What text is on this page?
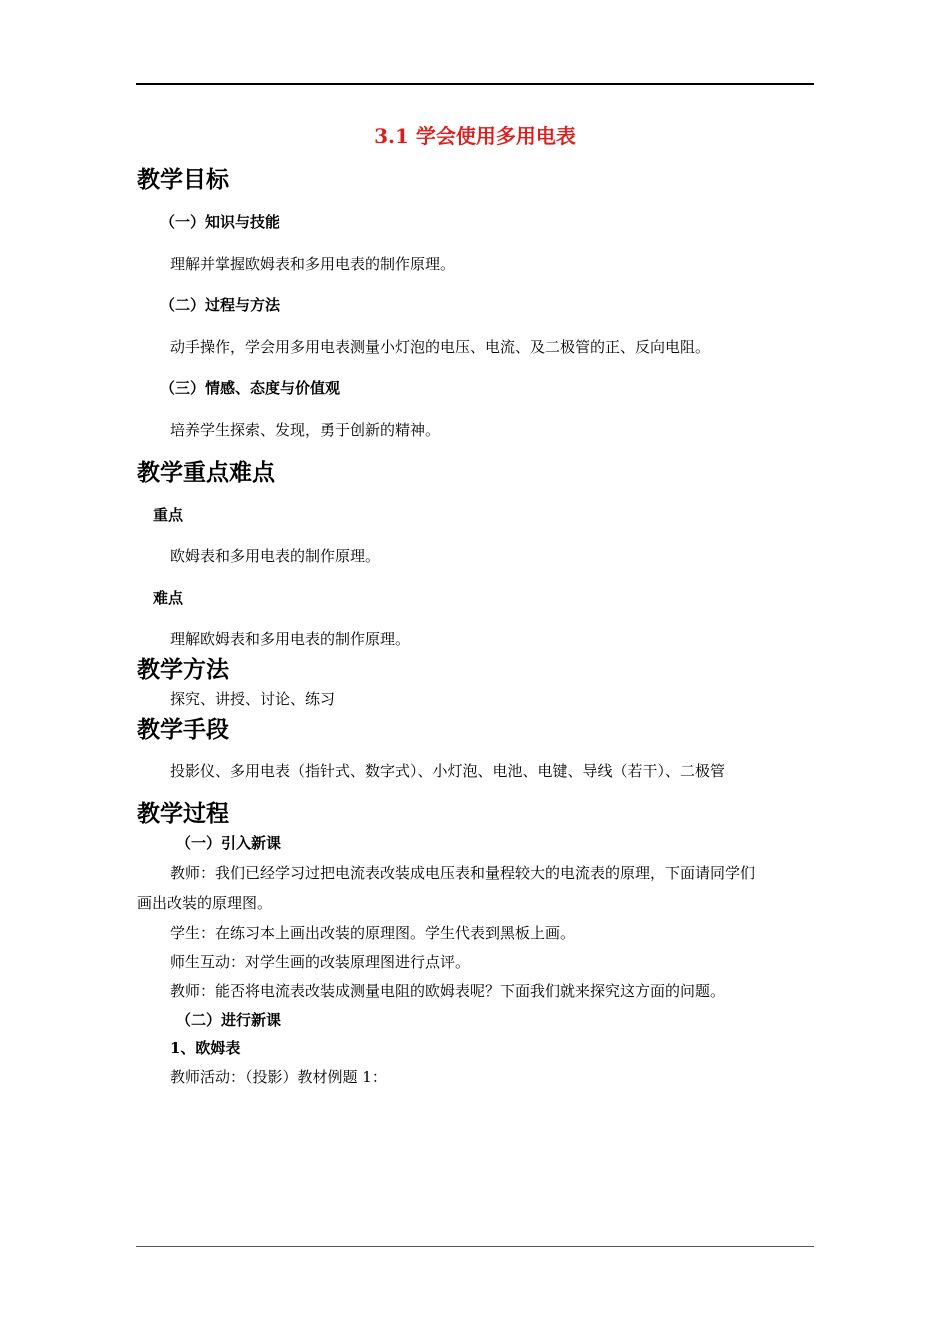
3.1 学会使用多用电表
教学目标
（一）知识与技能
理解并掌握欧姆表和多用电表的制作原理。
（二）过程与方法
动手操作，学会用多用电表测量小灯泡的电压、电流、及二极管的正、反向电阻。
（三）情感、态度与价值观
培养学生探索、发现，勇于创新的精神。
教学重点难点
重点
欧姆表和多用电表的制作原理。
难点
理解欧姆表和多用电表的制作原理。
教学方法
探究、讲授、讨论、练习
教学手段
投影仪、多用电表（指针式、数字式）、小灯泡、电池、电键、导线（若干）、二极管
教学过程
（一）引入新课
教师：我们已经学习过把电流表改装成电压表和量程较大的电流表的原理，下面请同学们
画出改装的原理图。
学生：在练习本上画出改装的原理图。学生代表到黑板上画。
师生互动：对学生画的改装原理图进行点评。
教师：能否将电流表改装成测量电阻的欧姆表呢？下面我们就来探究这方面的问题。
（二）进行新课
1、欧姆表
教师活动：（投影）教材例题 1：
